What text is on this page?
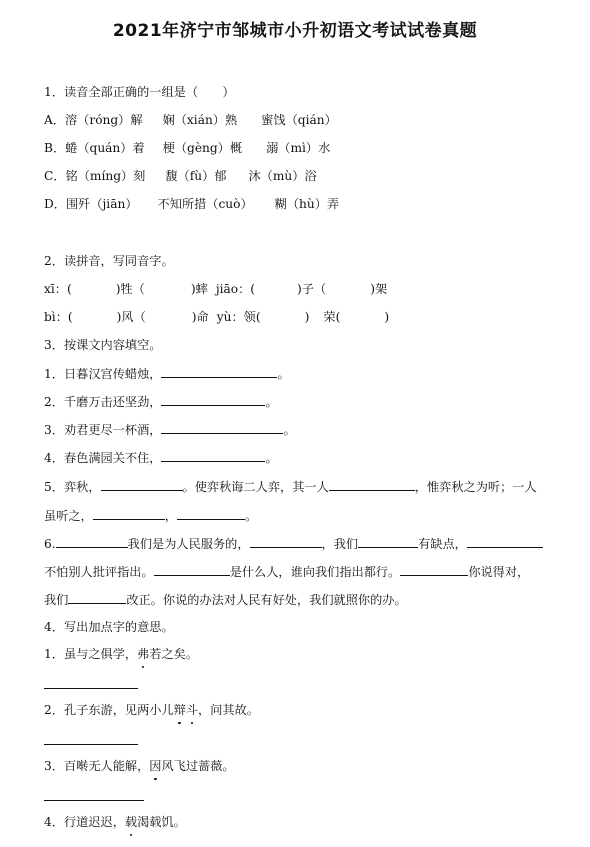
2021年济宁市邹城市小升初语文考试试卷真题
1．读音全部正确的一组是（　　）
A．溶（róng）解 娴（xián）熟 蜜饯（qián）
B．蜷（quán）着 梗（gèng）概 溺（mì）水
C．铭（míng）刻 馥（fù）郁 沐（mù）浴
D．围歼（jiān） 不知所措（cuò） 糊（hù）弄
2．读拼音，写同音字。
xī：(	)牲（	)蟀 jiāo：(	)子（	)架
bì：(	)风（	)命 yù：领(	) 荣(	)
3．按课文内容填空。
1．日暮汉宫传蜡烛，	。
2．千磨万击还坚劲，	。
3．劝君更尽一杯酒，	。
4．春色满园关不住，	。
5．弈秋，	。使弈秋诲二人弈，其一人	，惟弈秋之为听；一人
虽听之，	，	。
6.	我们是为人民服务的，	，我们	有缺点，
不怕别人批评指出。	是什么人，谁向我们指出都行。	你说得对，
我们	改正。你说的办法对人民有好处，我们就照你的办。
4．写出加点字的意思。
1．虽与之俱学，弗若之矣。
2．孔子东游，见两小儿辩斗，问其故。
3．百啭无人能解，因风飞过蔷薇。
4．行道迟迟，载渴载饥。
